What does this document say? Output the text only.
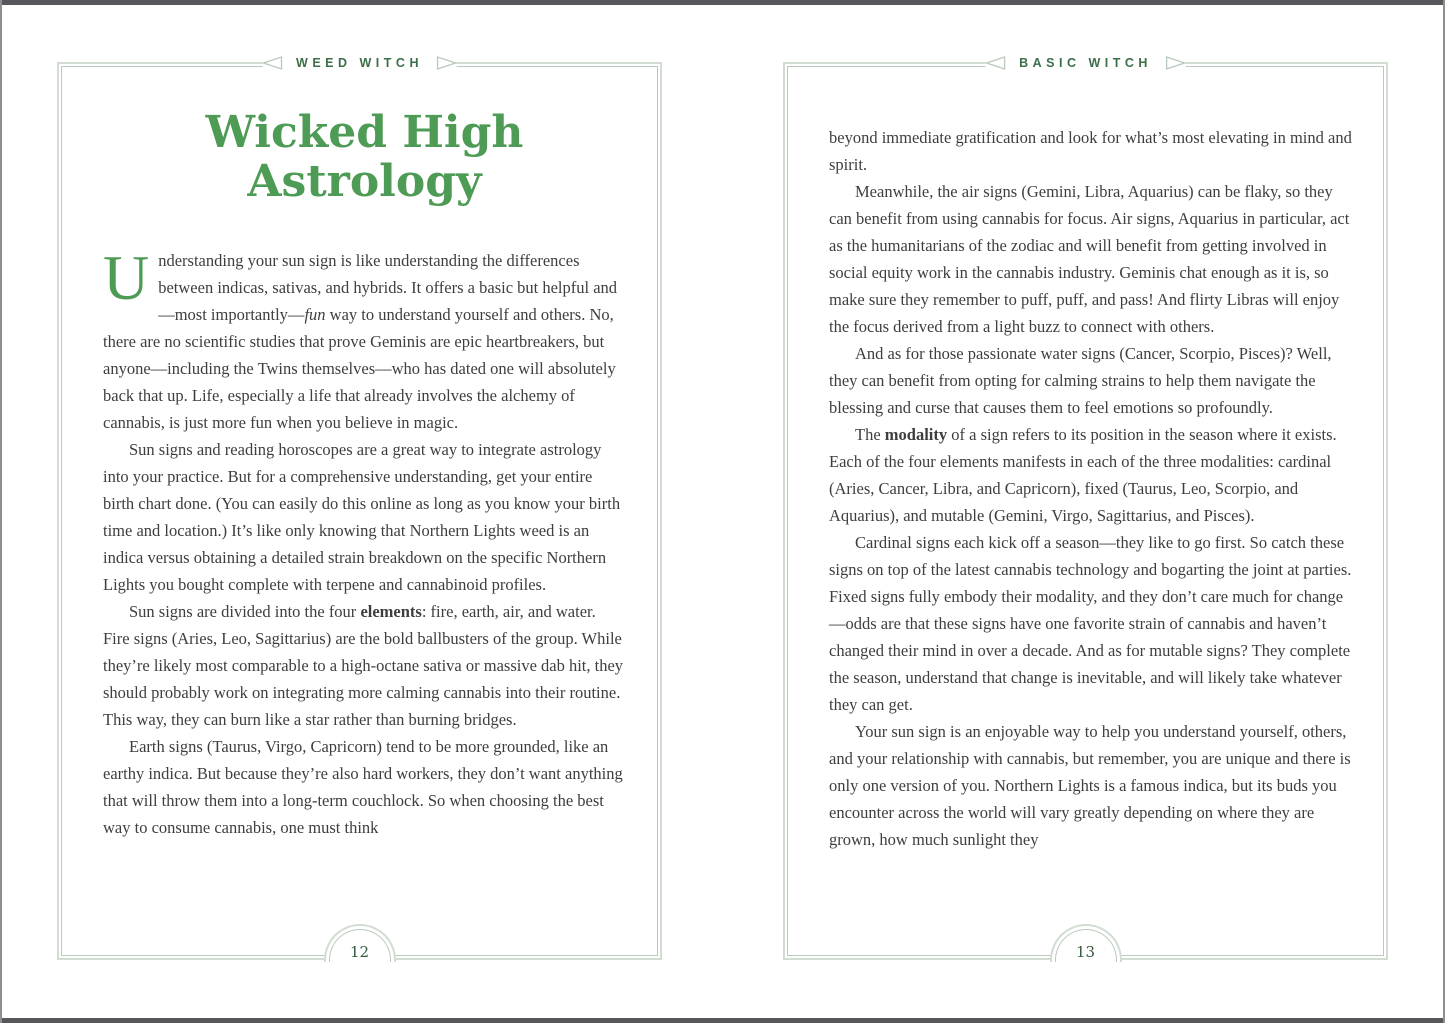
WEED WITCH
Wicked High
Astrology

Understanding your sun sign is like understanding the differences between indicas, sativas, and hybrids. It offers a basic but helpful and—most importantly—fun way to understand yourself and others. No, there are no scientific studies that prove Geminis are epic heartbreakers, but anyone—including the Twins themselves—who has dated one will absolutely back that up. Life, especially a life that already involves the alchemy of cannabis, is just more fun when you believe in magic.

Sun signs and reading horoscopes are a great way to integrate astrology into your practice. But for a comprehensive understanding, get your entire birth chart done. (You can easily do this online as long as you know your birth time and location.) It’s like only knowing that Northern Lights weed is an indica versus obtaining a detailed strain breakdown on the specific Northern Lights you bought complete with terpene and cannabinoid profiles.

Sun signs are divided into the four elements: fire, earth, air, and water. Fire signs (Aries, Leo, Sagittarius) are the bold ballbusters of the group. While they’re likely most comparable to a high-octane sativa or massive dab hit, they should probably work on integrating more calming cannabis into their routine. This way, they can burn like a star rather than burning bridges.

Earth signs (Taurus, Virgo, Capricorn) tend to be more grounded, like an earthy indica. But because they’re also hard workers, they don’t want anything that will throw them into a long-term couchlock. So when choosing the best way to consume cannabis, one must think

12
BASIC WITCH

beyond immediate gratification and look for what’s most elevating in mind and spirit.

Meanwhile, the air signs (Gemini, Libra, Aquarius) can be flaky, so they can benefit from using cannabis for focus. Air signs, Aquarius in particular, act as the humanitarians of the zodiac and will benefit from getting involved in social equity work in the cannabis industry. Geminis chat enough as it is, so make sure they remember to puff, puff, and pass! And flirty Libras will enjoy the focus derived from a light buzz to connect with others.

And as for those passionate water signs (Cancer, Scorpio, Pisces)? Well, they can benefit from opting for calming strains to help them navigate the blessing and curse that causes them to feel emotions so profoundly.

The modality of a sign refers to its position in the season where it exists. Each of the four elements manifests in each of the three modalities: cardinal (Aries, Cancer, Libra, and Capricorn), fixed (Taurus, Leo, Scorpio, and Aquarius), and mutable (Gemini, Virgo, Sagittarius, and Pisces).

Cardinal signs each kick off a season—they like to go first. So catch these signs on top of the latest cannabis technology and bogarting the joint at parties. Fixed signs fully embody their modality, and they don’t care much for change—odds are that these signs have one favorite strain of cannabis and haven’t changed their mind in over a decade. And as for mutable signs? They complete the season, understand that change is inevitable, and will likely take whatever they can get.

Your sun sign is an enjoyable way to help you understand yourself, others, and your relationship with cannabis, but remember, you are unique and there is only one version of you. Northern Lights is a famous indica, but its buds you encounter across the world will vary greatly depending on where they are grown, how much sunlight they

13
